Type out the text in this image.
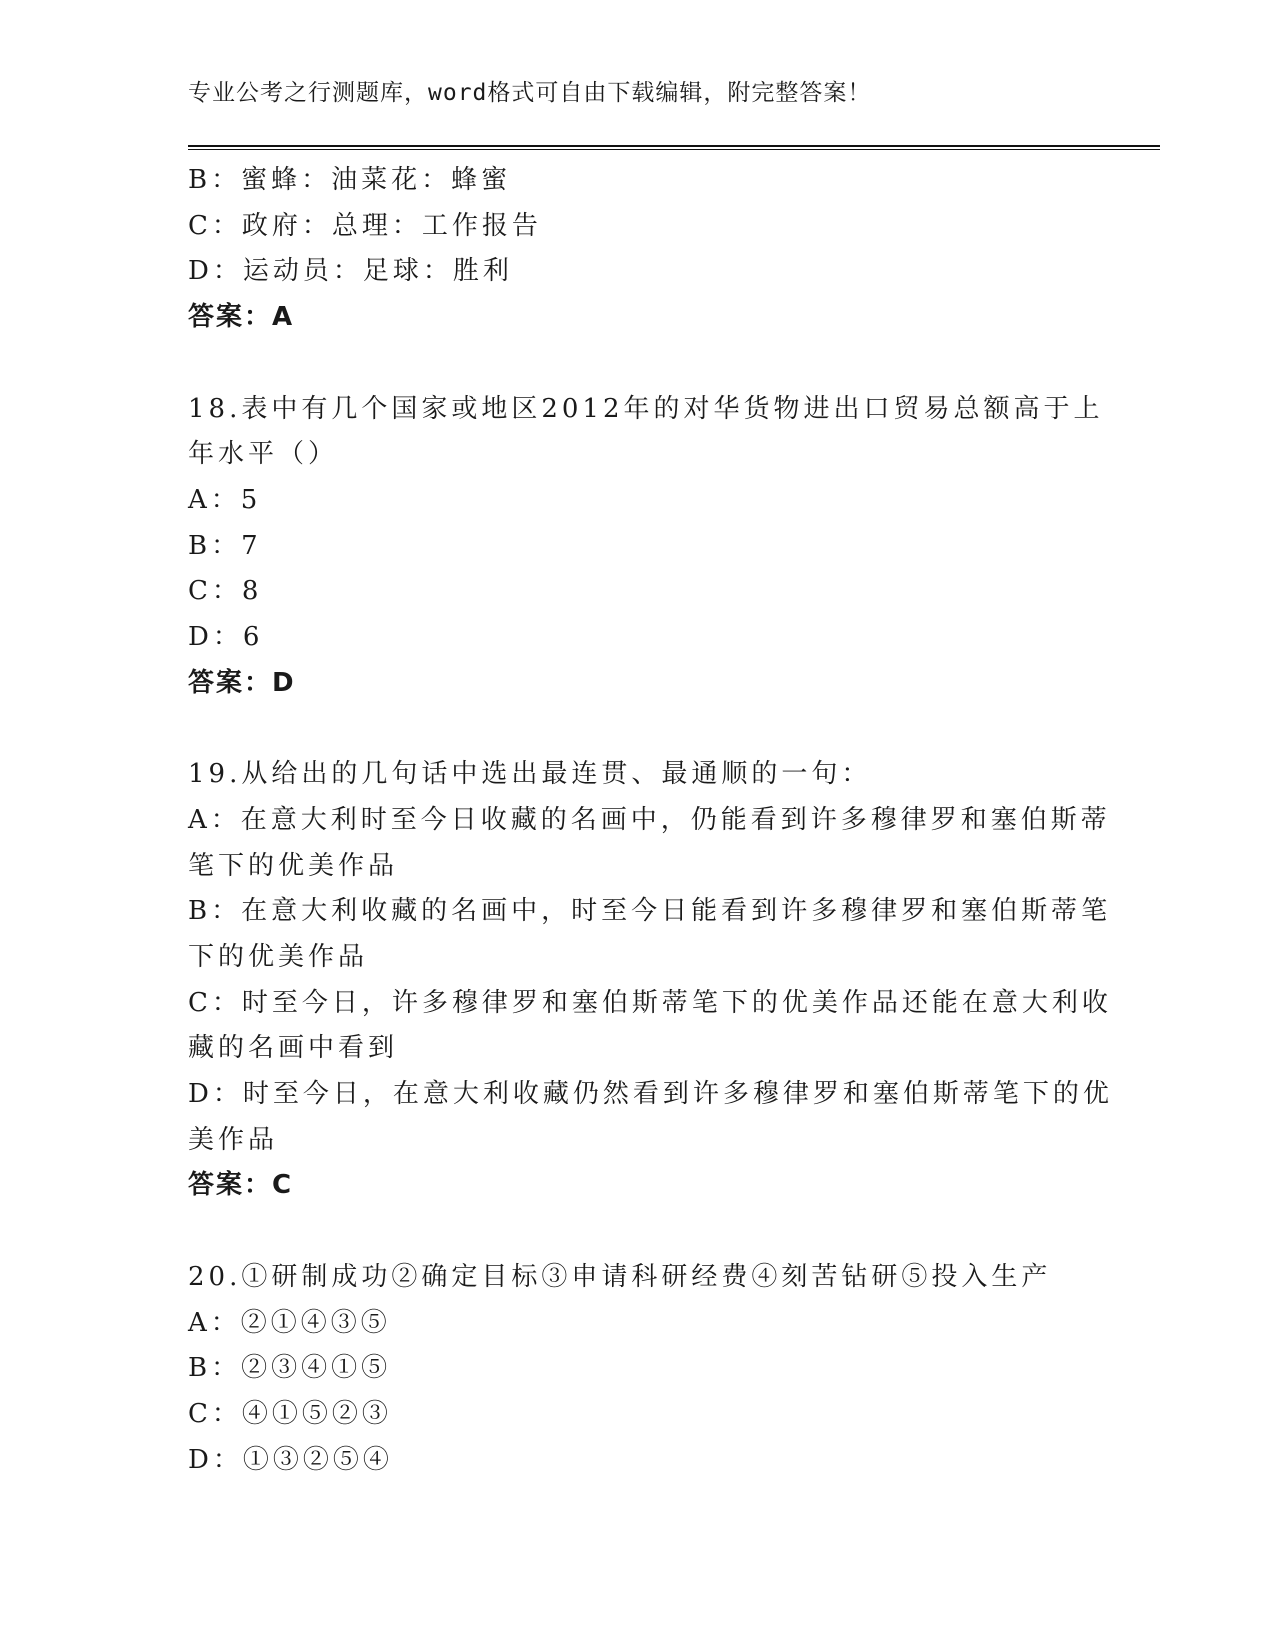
专业公考之行测题库，word格式可自由下载编辑，附完整答案！
B：蜜蜂：油菜花：蜂蜜
C：政府：总理：工作报告
D：运动员：足球：胜利
答案：A
18.表中有几个国家或地区2012年的对华货物进出口贸易总额高于上
年水平（）
A：5
B：7
C：8
D：6
答案：D
19.从给出的几句话中选出最连贯、最通顺的一句：
A：在意大利时至今日收藏的名画中，仍能看到许多穆律罗和塞伯斯蒂
笔下的优美作品
B：在意大利收藏的名画中，时至今日能看到许多穆律罗和塞伯斯蒂笔
下的优美作品
C：时至今日，许多穆律罗和塞伯斯蒂笔下的优美作品还能在意大利收
藏的名画中看到
D：时至今日，在意大利收藏仍然看到许多穆律罗和塞伯斯蒂笔下的优
美作品
答案：C
20.①研制成功②确定目标③申请科研经费④刻苦钻研⑤投入生产
A：②①④③⑤
B：②③④①⑤
C：④①⑤②③
D：①③②⑤④
